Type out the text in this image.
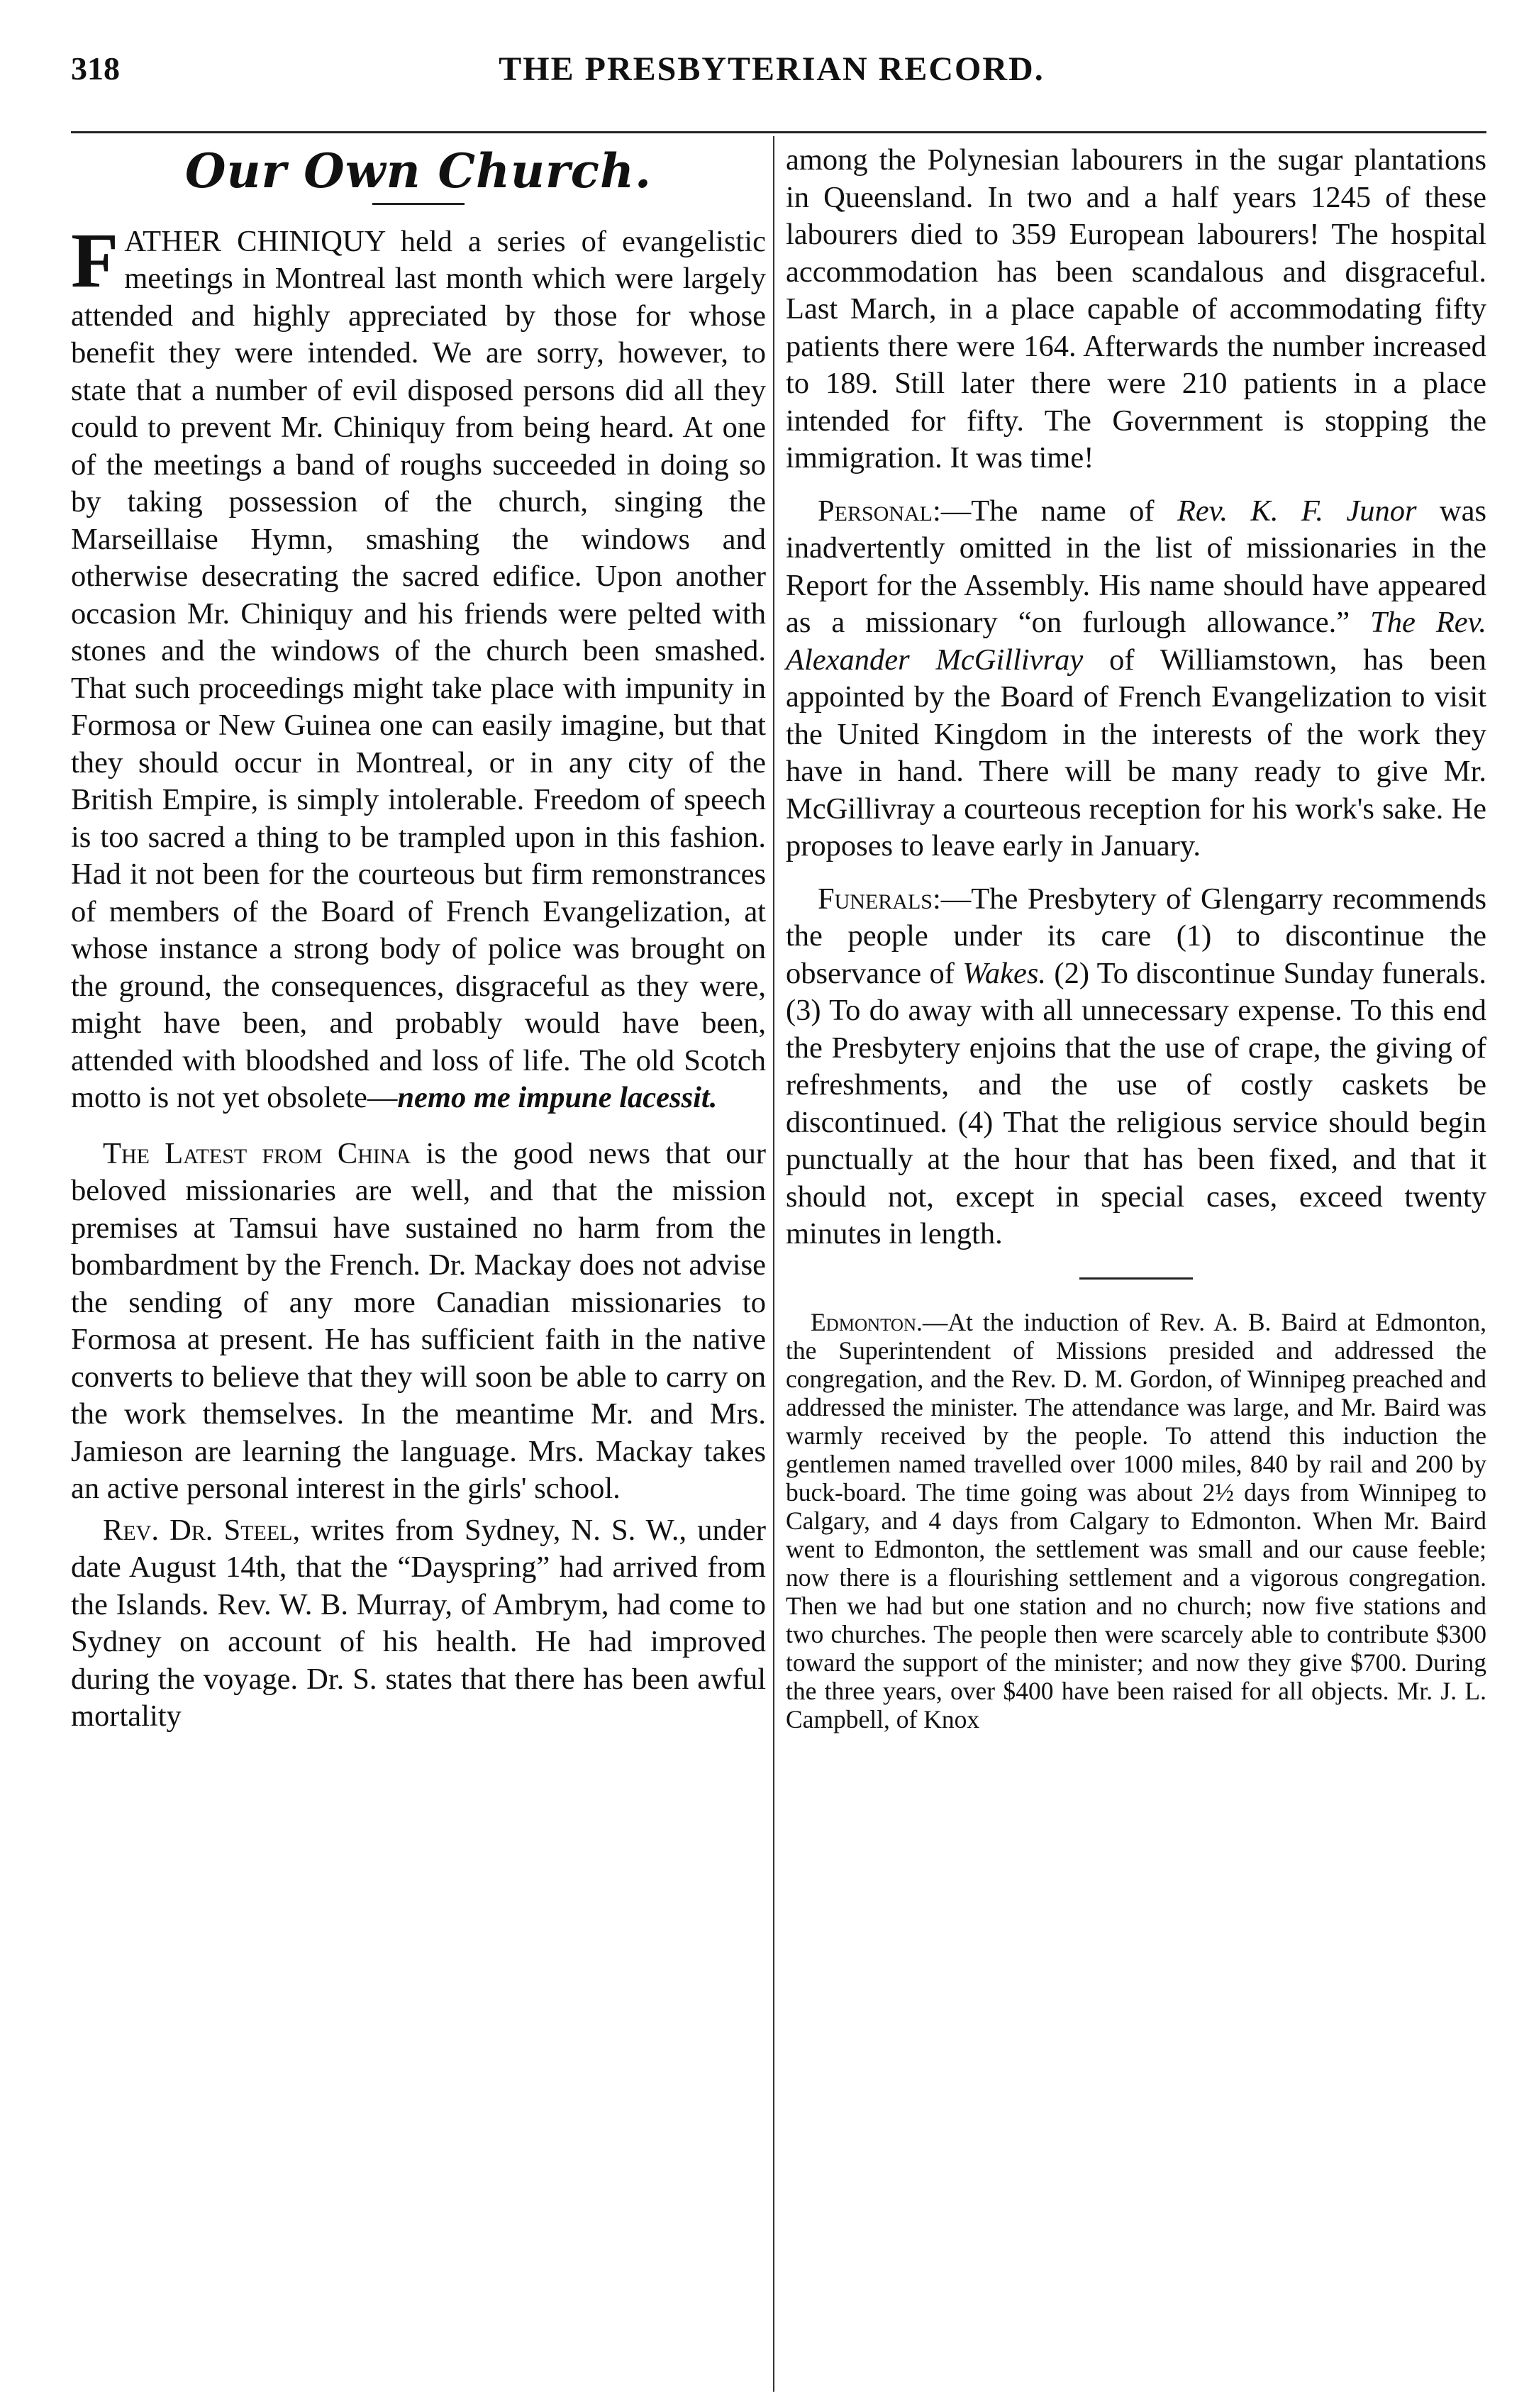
318	THE PRESBYTERIAN RECORD.
Our Own Church.

FATHER CHINIQUY held a series of evangelistic meetings in Montreal last month which were largely attended and highly appreciated by those for whose benefit they were intended. We are sorry, however, to state that a number of evil disposed persons did all they could to prevent Mr. Chiniquy from being heard. At one of the meetings a band of roughs succeeded in doing so by taking possession of the church, singing the Marseillaise Hymn, smashing the windows and otherwise desecrating the sacred edifice. Upon another occasion Mr. Chiniquy and his friends were pelted with stones and the windows of the church been smashed. That such proceedings might take place with impunity in Formosa or New Guinea one can easily imagine, but that they should occur in Montreal, or in any city of the British Empire, is simply intolerable. Freedom of speech is too sacred a thing to be trampled upon in this fashion. Had it not been for the courteous but firm remonstrances of members of the Board of French Evangelization, at whose instance a strong body of police was brought on the ground, the consequences, disgraceful as they were, might have been, and probably would have been, attended with bloodshed and loss of life. The old Scotch motto is not yet obsolete—nemo me impune lacessit.

The Latest from China is the good news that our beloved missionaries are well, and that the mission premises at Tamsui have sustained no harm from the bombardment by the French. Dr. Mackay does not advise the sending of any more Canadian missionaries to Formosa at present. He has sufficient faith in the native converts to believe that they will soon be able to carry on the work themselves. In the meantime Mr. and Mrs. Jamieson are learning the language. Mrs. Mackay takes an active personal interest in the girls' school.

Rev. Dr. Steel, writes from Sydney, N. S. W., under date August 14th, that the “Dayspring” had arrived from the Islands. Rev. W. B. Murray, of Ambrym, had come to Sydney on account of his health. He had improved during the voyage. Dr. S. states that there has been awful mortality

among the Polynesian labourers in the sugar plantations in Queensland. In two and a half years 1245 of these labourers died to 359 European labourers! The hospital accommodation has been scandalous and disgraceful. Last March, in a place capable of accommodating fifty patients there were 164. Afterwards the number increased to 189. Still later there were 210 patients in a place intended for fifty. The Government is stopping the immigration. It was time!

Personal:—The name of Rev. K. F. Junor was inadvertently omitted in the list of missionaries in the Report for the Assembly. His name should have appeared as a missionary “on furlough allowance.” The Rev. Alexander McGillivray of Williamstown, has been appointed by the Board of French Evangelization to visit the United Kingdom in the interests of the work they have in hand. There will be many ready to give Mr. McGillivray a courteous reception for his work's sake. He proposes to leave early in January.

Funerals:—The Presbytery of Glengarry recommends the people under its care (1) to discontinue the observance of Wakes. (2) To discontinue Sunday funerals. (3) To do away with all unnecessary expense. To this end the Presbytery enjoins that the use of crape, the giving of refreshments, and the use of costly caskets be discontinued. (4) That the religious service should begin punctually at the hour that has been fixed, and that it should not, except in special cases, exceed twenty minutes in length.

Edmonton.—At the induction of Rev. A. B. Baird at Edmonton, the Superintendent of Missions presided and addressed the congregation, and the Rev. D. M. Gordon, of Winnipeg preached and addressed the minister. The attendance was large, and Mr. Baird was warmly received by the people. To attend this induction the gentlemen named travelled over 1000 miles, 840 by rail and 200 by buck-board. The time going was about 2½ days from Winnipeg to Calgary, and 4 days from Calgary to Edmonton. When Mr. Baird went to Edmonton, the settlement was small and our cause feeble; now there is a flourishing settlement and a vigorous congregation. Then we had but one station and no church; now five stations and two churches. The people then were scarcely able to contribute $300 toward the support of the minister; and now they give $700. During the three years, over $400 have been raised for all objects. Mr. J. L. Campbell, of Knox
